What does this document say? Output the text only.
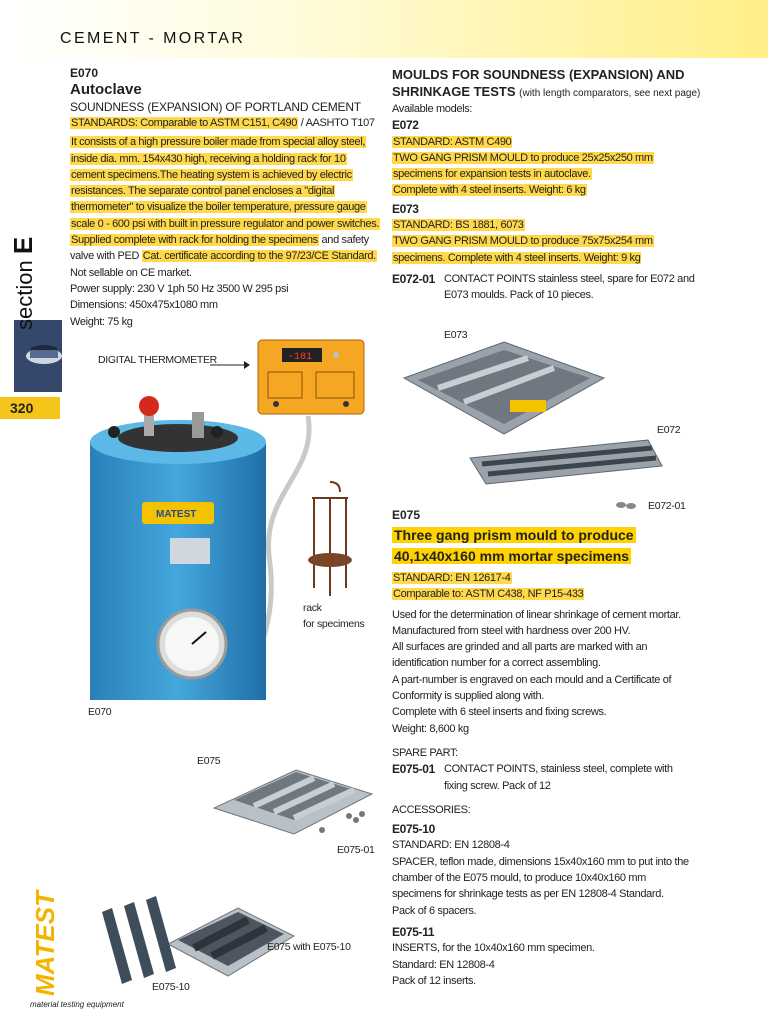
CEMENT - MORTAR
section E
320
MATEST
material testing equipment
E070
Autoclave
SOUNDNESS (EXPANSION) OF PORTLAND CEMENT

STANDARDS: Comparable to ASTM C151, C490 / AASHTO T107

It consists of a high pressure boiler made from special alloy steel, inside dia. mm. 154x430 high, receiving a holding rack for 10 cement specimens.The heating system is achieved by electric resistances. The separate control panel encloses a "digital thermometer" to visualize the boiler temperature, pressure gauge scale 0 - 600 psi with built in pressure regulator and power switches. Supplied complete with rack for holding the specimens and safety valve with PED Cat. certificate according to the 97/23/CE Standard.

Not sellable on CE market.

Power supply: 230 V 1ph 50 Hz 3500 W 295 psi

Dimensions: 450x475x1080 mm

Weight: 75 kg

DIGITAL THERMOMETER	-181
MATEST
E070
rack
for specimens
E075
E075-01
E075 with E075-10
E075-10
MOULDS FOR SOUNDNESS (EXPANSION) AND
SHRINKAGE TESTS (with length comparators, see next page)

Available models:

E072

STANDARD: ASTM C490

TWO GANG PRISM MOULD to produce 25x25x250 mm specimens for expansion tests in autoclave.

Complete with 4 steel inserts. Weight: 6 kg

E073

STANDARD: BS 1881, 6073

TWO GANG PRISM MOULD to produce 75x75x254 mm specimens. Complete with 4 steel inserts. Weight: 9 kg

E072-01 CONTACT POINTS stainless steel, spare for E072 and E073 moulds. Pack of 10 pieces.
E073
E072
E072-01
E075
Three gang prism mould to produce 40,1x40x160 mm mortar specimens

STANDARD: EN 12617-4

Comparable to: ASTM C438, NF P15-433

Used for the determination of linear shrinkage of cement mortar.

Manufactured from steel with hardness over 200 HV.

All surfaces are grinded and all parts are marked with an identification number for a correct assembling.

A part-number is engraved on each mould and a Certificate of Conformity is supplied along with.

Complete with 6 steel inserts and fixing screws.

Weight: 8,600 kg

SPARE PART:

E075-01 CONTACT POINTS, stainless steel, complete with fixing screw. Pack of 12

ACCESSORIES:

E075-10

STANDARD: EN 12808-4

SPACER, teflon made, dimensions 15x40x160 mm to put into the chamber of the E075 mould, to produce 10x40x160 mm specimens for shrinkage tests as per EN 12808-4 Standard.

Pack of 6 spacers.

E075-11

INSERTS, for the 10x40x160 mm specimen.

Standard: EN 12808-4

Pack of 12 inserts.
